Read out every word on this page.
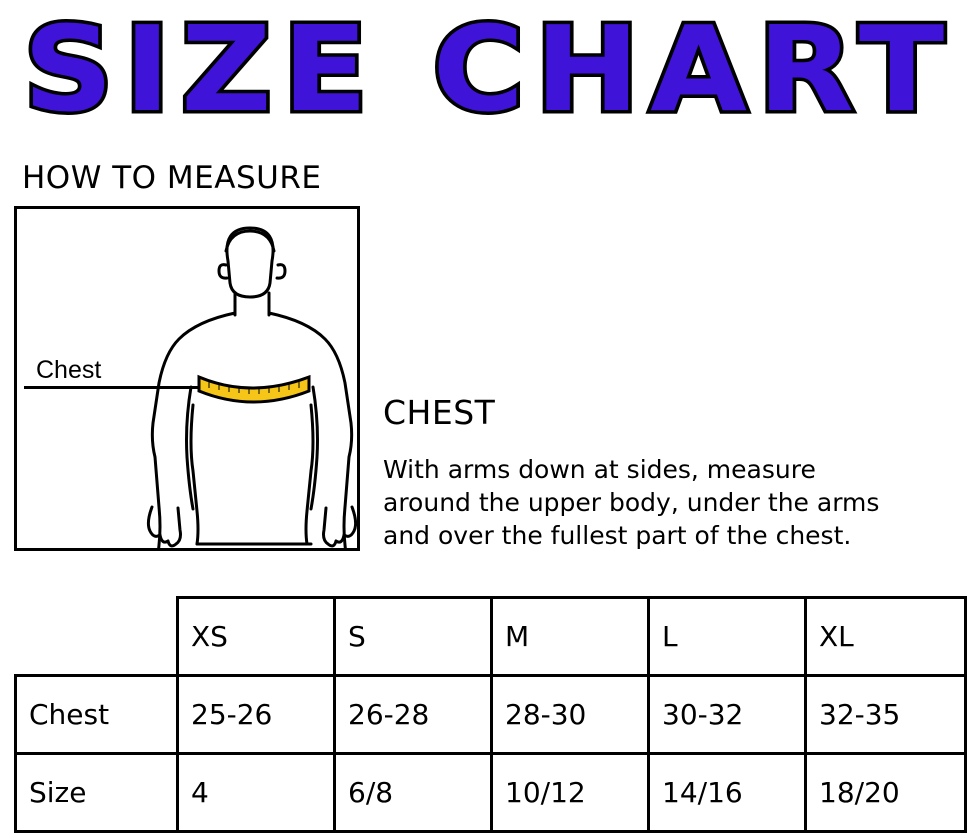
SIZE CHART
HOW TO MEASURE
Chest
CHEST
With arms down at sides, measure
around the upper body, under the arms
and over the fullest part of the chest.
	XS	S	M	L	XL
Chest	25-26	26-28	28-30	30-32	32-35
Size	4	6/8	10/12	14/16	18/20
